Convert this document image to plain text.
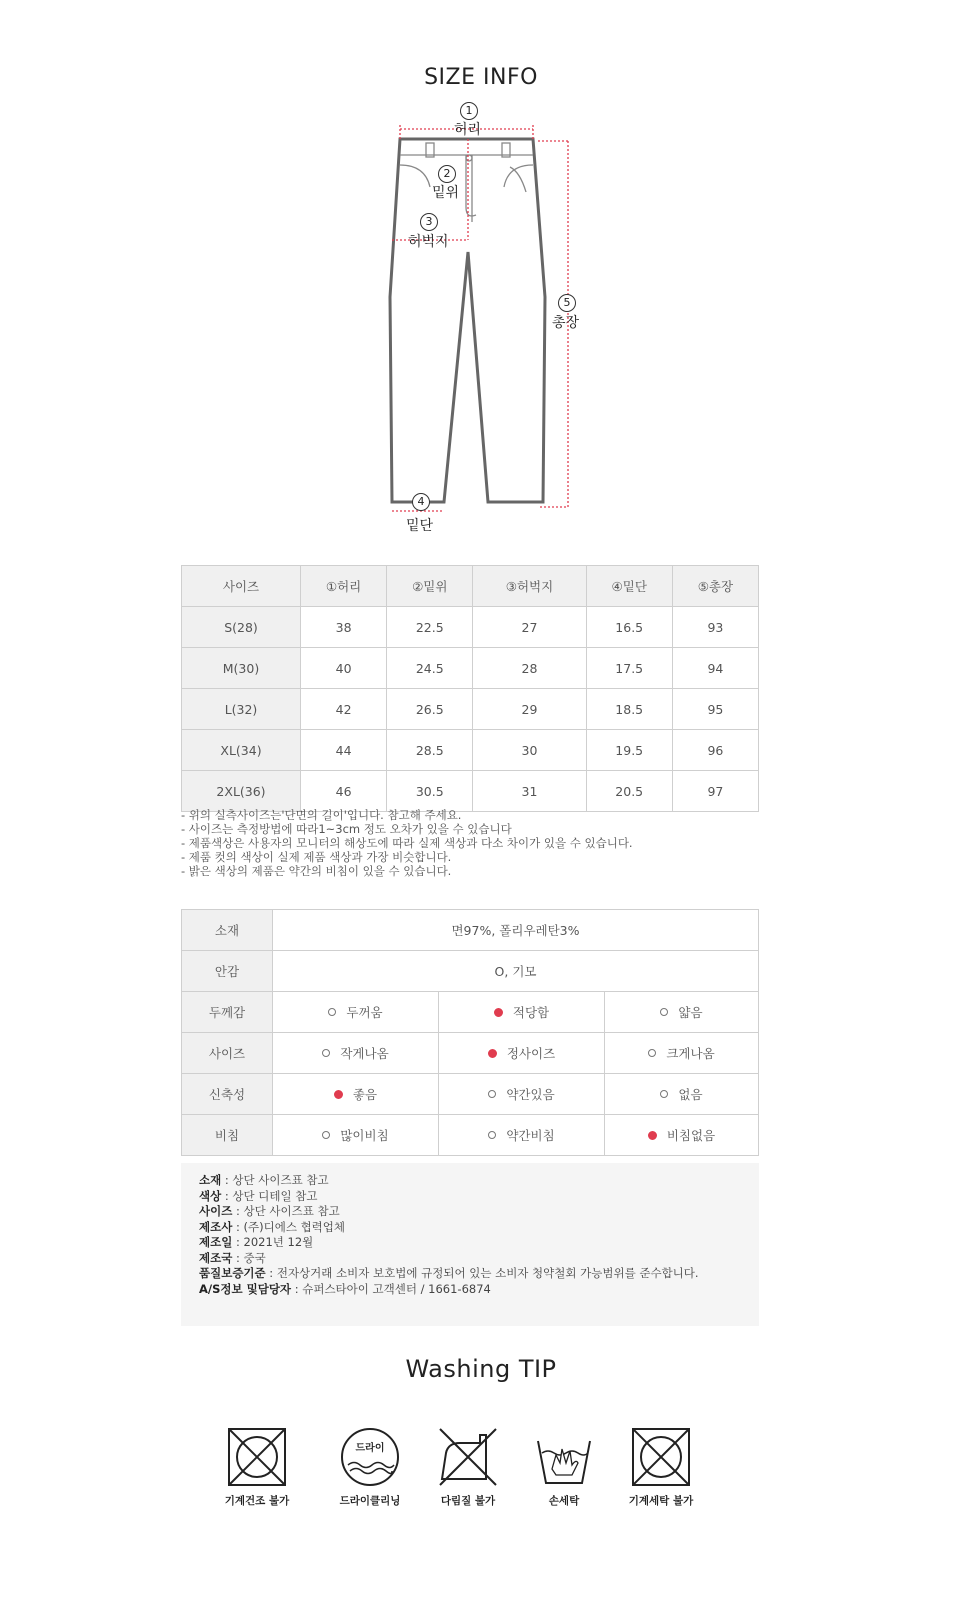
SIZE INFO
1
허리
2
밑위
3
허벅지
5
총장
4
밑단
사이즈	①허리	②밑위	③허벅지	④밑단	⑤총장
S(28)	38	22.5	27	16.5	93
M(30)	40	24.5	28	17.5	94
L(32)	42	26.5	29	18.5	95
XL(34)	44	28.5	30	19.5	96
2XL(36)	46	30.5	31	20.5	97
- 위의 실측사이즈는'단면의 길이'입니다. 참고해 주세요.
- 사이즈는 측정방법에 따라1~3cm 정도 오차가 있을 수 있습니다
- 제품색상은 사용자의 모니터의 해상도에 따라 실제 색상과 다소 차이가 있을 수 있습니다.
- 제품 컷의 색상이 실제 제품 색상과 가장 비슷합니다.
- 밝은 색상의 제품은 약간의 비침이 있을 수 있습니다.
소재	면97%, 폴리우레탄3%		
안감	O, 기모		
두께감	두꺼움	적당함	얇음

사이즈	작게나옴	정사이즈	크게나옴

신축성	좋음	약간있음	없음

비침	많이비침	약간비침	비침없음
소재 : 상단 사이즈표 참고
색상 : 상단 디테일 참고
사이즈 : 상단 사이즈표 참고
제조사 : (주)디에스 협력업체
제조일 : 2021년 12월
제조국 : 중국
품질보증기준 : 전자상거래 소비자 보호법에 규정되어 있는 소비자 청약철회 가능범위를 준수합니다.
A/S정보 및담당자 : 슈퍼스타아이 고객센터 / 1661-6874
Washing TIP
기계건조 불가
드라이
드라이클리닝	다림질 불가	손세탁	기계세탁 불가
